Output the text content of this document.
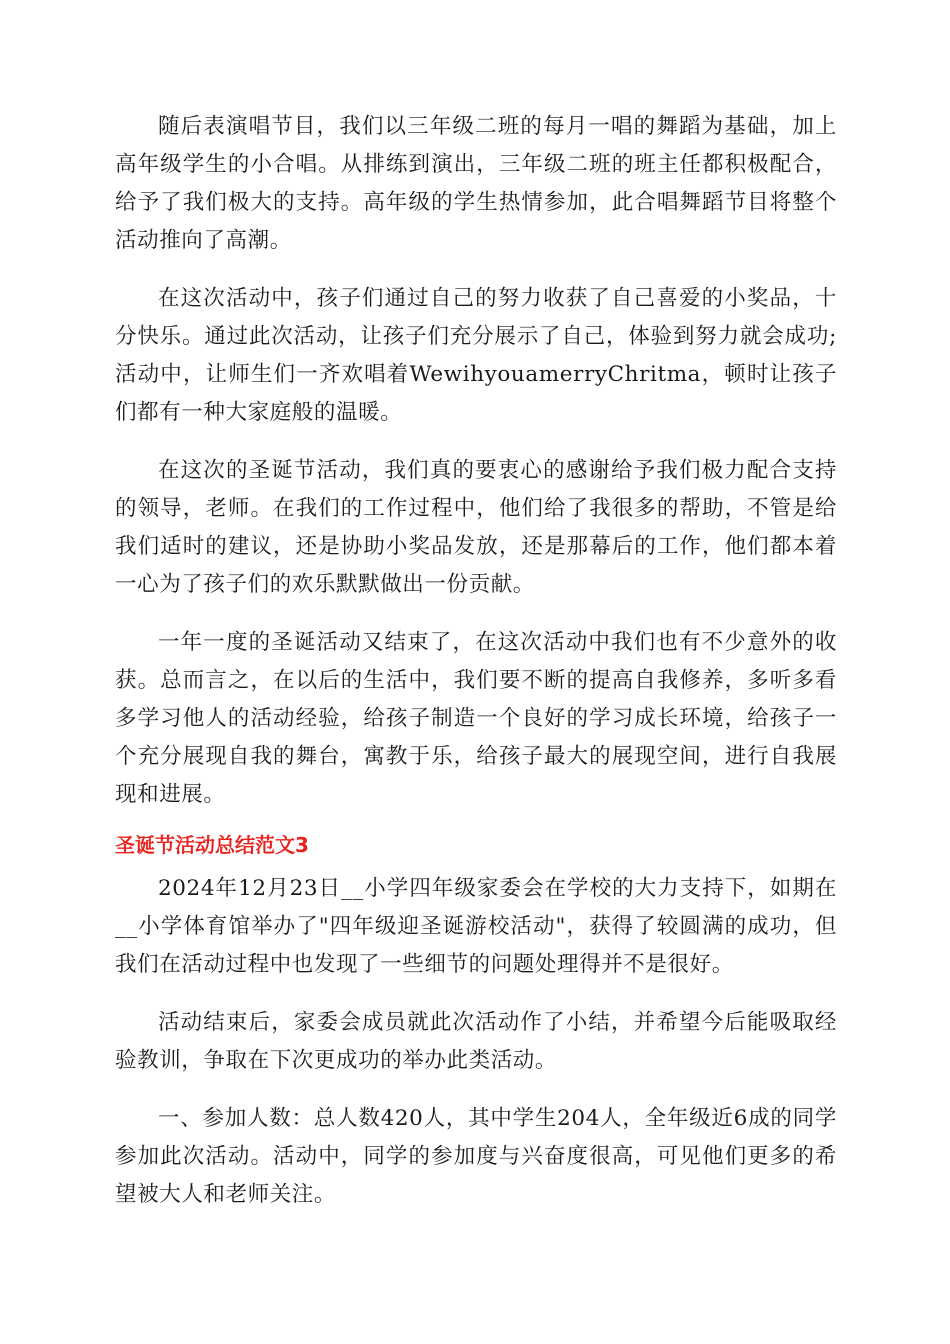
随后表演唱节目，我们以三年级二班的每月一唱的舞蹈为基础，加上高年级学生的小合唱。从排练到演出，三年级二班的班主任都积极配合，给予了我们极大的支持。高年级的学生热情参加，此合唱舞蹈节目将整个活动推向了高潮。

在这次活动中，孩子们通过自己的努力收获了自己喜爱的小奖品，十分快乐。通过此次活动，让孩子们充分展示了自己，体验到努力就会成功;活动中，让师生们一齐欢唱着WewihyouamerryChritma，顿时让孩子们都有一种大家庭般的温暖。

在这次的圣诞节活动，我们真的要衷心的感谢给予我们极力配合支持的领导，老师。在我们的工作过程中，他们给了我很多的帮助，不管是给我们适时的建议，还是协助小奖品发放，还是那幕后的工作，他们都本着一心为了孩子们的欢乐默默做出一份贡献。

一年一度的圣诞活动又结束了，在这次活动中我们也有不少意外的收获。总而言之，在以后的生活中，我们要不断的提高自我修养，多听多看多学习他人的活动经验，给孩子制造一个良好的学习成长环境，给孩子一个充分展现自我的舞台，寓教于乐，给孩子最大的展现空间，进行自我展现和进展。

圣诞节活动总结范文3

2024年12月23日__小学四年级家委会在学校的大力支持下，如期在__小学体育馆举办了"四年级迎圣诞游校活动"，获得了较圆满的成功，但我们在活动过程中也发现了一些细节的问题处理得并不是很好。

活动结束后，家委会成员就此次活动作了小结，并希望今后能吸取经验教训，争取在下次更成功的举办此类活动。

一、参加人数：总人数420人，其中学生204人，全年级近6成的同学参加此次活动。活动中，同学的参加度与兴奋度很高，可见他们更多的希望被大人和老师关注。
